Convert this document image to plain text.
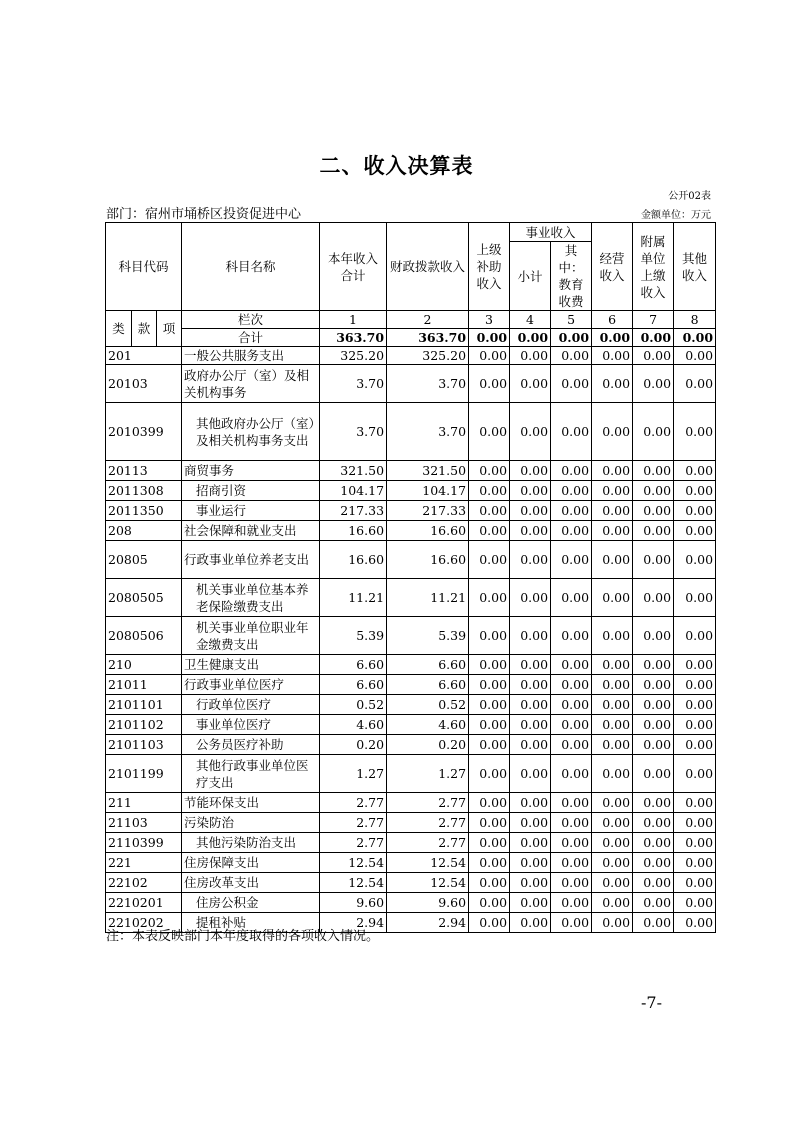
二、收入决算表
公开02表
部门：宿州市埇桥区投资促进中心	金额单位：万元
科目代码			科目名称	本年收入合计	财政拨款收入	上级补助收入	事业收入		经营收入	附属单位上缴收入	其他收入
							小计	其中：教育收费			
类	款	项	栏次	1	2	3	4	5	6	7	8
			合计	363.70	363.70	0.00	0.00	0.00	0.00	0.00	0.00
201			一般公共服务支出	325.20	325.20	0.00	0.00	0.00	0.00	0.00	0.00
20103			政府办公厅（室）及相关机构事务	3.70	3.70	0.00	0.00	0.00	0.00	0.00	0.00
2010399			其他政府办公厅（室）及相关机构事务支出	3.70	3.70	0.00	0.00	0.00	0.00	0.00	0.00
20113			商贸事务	321.50	321.50	0.00	0.00	0.00	0.00	0.00	0.00
2011308			招商引资	104.17	104.17	0.00	0.00	0.00	0.00	0.00	0.00
2011350			事业运行	217.33	217.33	0.00	0.00	0.00	0.00	0.00	0.00
208			社会保障和就业支出	16.60	16.60	0.00	0.00	0.00	0.00	0.00	0.00
20805			行政事业单位养老支出	16.60	16.60	0.00	0.00	0.00	0.00	0.00	0.00
2080505			机关事业单位基本养老保险缴费支出	11.21	11.21	0.00	0.00	0.00	0.00	0.00	0.00
2080506			机关事业单位职业年金缴费支出	5.39	5.39	0.00	0.00	0.00	0.00	0.00	0.00
210			卫生健康支出	6.60	6.60	0.00	0.00	0.00	0.00	0.00	0.00
21011			行政事业单位医疗	6.60	6.60	0.00	0.00	0.00	0.00	0.00	0.00
2101101			行政单位医疗	0.52	0.52	0.00	0.00	0.00	0.00	0.00	0.00
2101102			事业单位医疗	4.60	4.60	0.00	0.00	0.00	0.00	0.00	0.00
2101103			公务员医疗补助	0.20	0.20	0.00	0.00	0.00	0.00	0.00	0.00
2101199			其他行政事业单位医疗支出	1.27	1.27	0.00	0.00	0.00	0.00	0.00	0.00
211			节能环保支出	2.77	2.77	0.00	0.00	0.00	0.00	0.00	0.00
21103			污染防治	2.77	2.77	0.00	0.00	0.00	0.00	0.00	0.00
2110399			其他污染防治支出	2.77	2.77	0.00	0.00	0.00	0.00	0.00	0.00
221			住房保障支出	12.54	12.54	0.00	0.00	0.00	0.00	0.00	0.00
22102			住房改革支出	12.54	12.54	0.00	0.00	0.00	0.00	0.00	0.00
2210201			住房公积金	9.60	9.60	0.00	0.00	0.00	0.00	0.00	0.00
2210202			提租补贴	2.94	2.94	0.00	0.00	0.00	0.00	0.00	0.00
注：本表反映部门本年度取得的各项收入情况。
-7-
